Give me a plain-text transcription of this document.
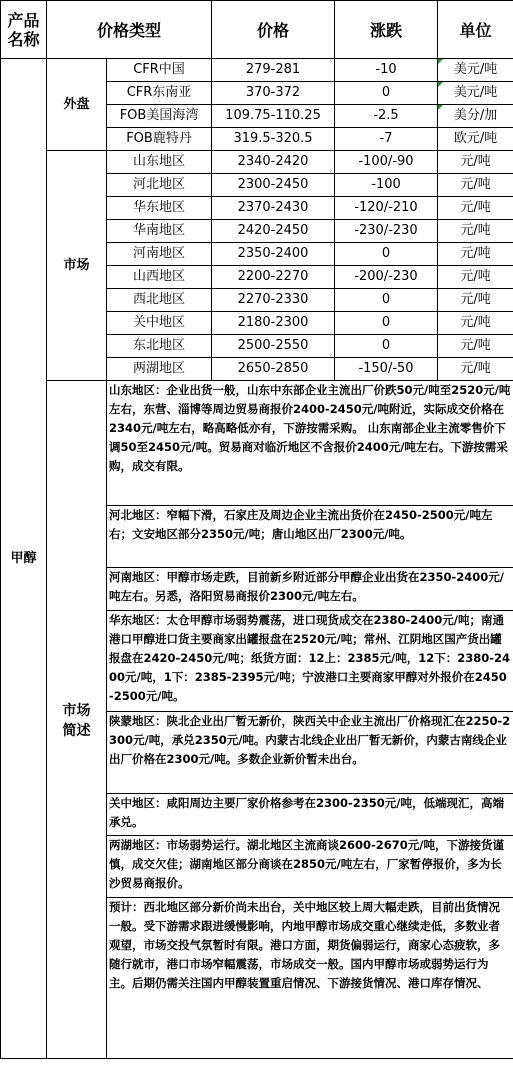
产品
名称	价格类型		价格	涨跌	单位
甲醇	外盘	CFR中国	279-281	-10	美元/吨
		CFR东南亚	370-372	0	美元/吨
		FOB美国海湾	109.75-110.25	-2.5	美分/加
		FOB鹿特丹	319.5-320.5	-7	欧元/吨
	市场	山东地区	2340-2420	-100/-90	元/吨
		河北地区	2300-2450	-100	元/吨
		华东地区	2370-2430	-120/-210	元/吨
		华南地区	2420-2450	-230/-230	元/吨
		河南地区	2350-2400	0	元/吨
		山西地区	2200-2270	-200/-230	元/吨
		西北地区	2270-2330	0	元/吨
		关中地区	2180-2300	0	元/吨
		东北地区	2500-2550	0	元/吨
		两湖地区	2650-2850	-150/-50	元/吨
	市场
简述	山东地区：企业出货一般，山东中东部企业主流出厂价跌50元/吨至2520元/吨左右，东营、淄博等周边贸易商报价2400-2450元/吨附近，实际成交价格在2340元/吨左右，略高略低亦有，下游按需采购。 山东南部企业主流零售价下调50至2450元/吨。贸易商对临沂地区不含报价2400元/吨左右。下游按需采购，成交有限。			
		河北地区：窄幅下滑，石家庄及周边企业主流出货价在2450-2500元/吨左右；文安地区部分2350元/吨；唐山地区出厂2300元/吨。			
		河南地区：甲醇市场走跌，目前新乡附近部分甲醇企业出货在2350-2400元/吨左右。另悉，洛阳贸易商报价2300元/吨左右。			
		华东地区：太仓甲醇市场弱势震荡，进口现货成交在2380-2400元/吨；南通港口甲醇进口货主要商家出罐报盘在2520元/吨；常州、江阴地区国产货出罐报盘在2420-2450元/吨；纸货方面：12上：2385元/吨，12下：2380-2400元/吨，1下：2385-2395元/吨；宁波港口主要商家甲醇对外报价在2450-2500元/吨。			
		陕蒙地区：陕北企业出厂暂无新价，陕西关中企业主流出厂价格现汇在2250-2300元/吨，承兑2350元/吨。内蒙古北线企业出厂暂无新价，内蒙古南线企业出厂价格在2300元/吨。多数企业新价暂未出台。			
		关中地区：咸阳周边主要厂家价格参考在2300-2350元/吨，低端现汇，高端承兑。			
		两湖地区：市场弱势运行。湖北地区主流商谈2600-2670元/吨，下游接货谨慎，成交欠佳；湖南地区部分商谈在2850元/吨左右，厂家暂停报价，多为长沙贸易商报价。			
		预计：西北地区部分新价尚未出台，关中地区较上周大幅走跌，目前出货情况一般。受下游需求跟进缓慢影响，内地甲醇市场成交重心继续走低，多数业者观望，市场交投气氛暂时有限。港口方面，期货偏弱运行，商家心态疲软，多随行就市，港口市场窄幅震荡，市场成交一般。国内甲醇市场或弱势运行为主。后期仍需关注国内甲醇装置重启情况、下游接货情况、港口库存情况、			
